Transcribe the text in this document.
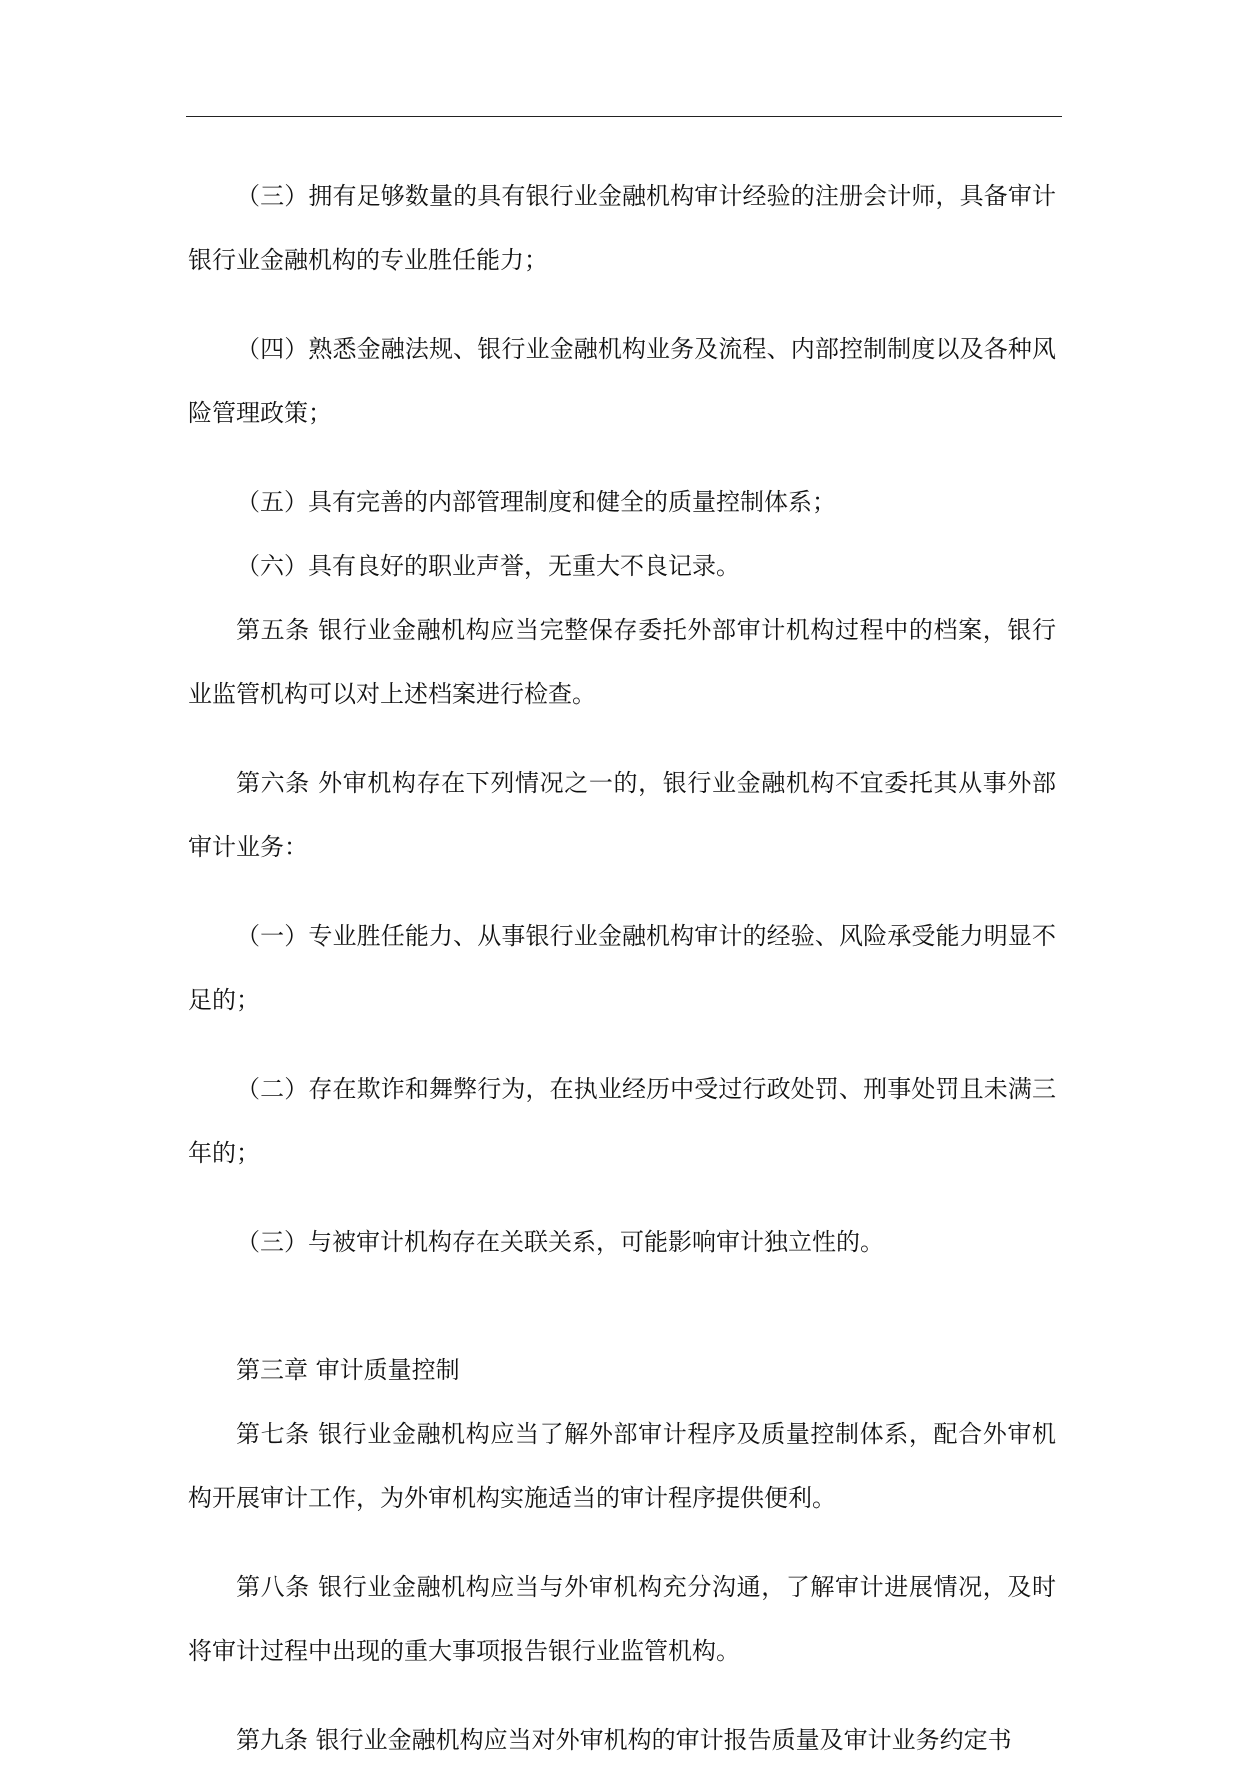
（三）拥有足够数量的具有银行业金融机构审计经验的注册会计师，具备审计银行业金融机构的专业胜任能力；

（四）熟悉金融法规、银行业金融机构业务及流程、内部控制制度以及各种风险管理政策；

（五）具有完善的内部管理制度和健全的质量控制体系；

（六）具有良好的职业声誉，无重大不良记录。

第五条 银行业金融机构应当完整保存委托外部审计机构过程中的档案，银行业监管机构可以对上述档案进行检查。

第六条 外审机构存在下列情况之一的，银行业金融机构不宜委托其从事外部审计业务：

（一）专业胜任能力、从事银行业金融机构审计的经验、风险承受能力明显不足的；

（二）存在欺诈和舞弊行为，在执业经历中受过行政处罚、刑事处罚且未满三年的；

（三）与被审计机构存在关联关系，可能影响审计独立性的。

第三章 审计质量控制

第七条 银行业金融机构应当了解外部审计程序及质量控制体系，配合外审机构开展审计工作，为外审机构实施适当的审计程序提供便利。

第八条 银行业金融机构应当与外审机构充分沟通，了解审计进展情况，及时将审计过程中出现的重大事项报告银行业监管机构。

第九条 银行业金融机构应当对外审机构的审计报告质量及审计业务约定书
